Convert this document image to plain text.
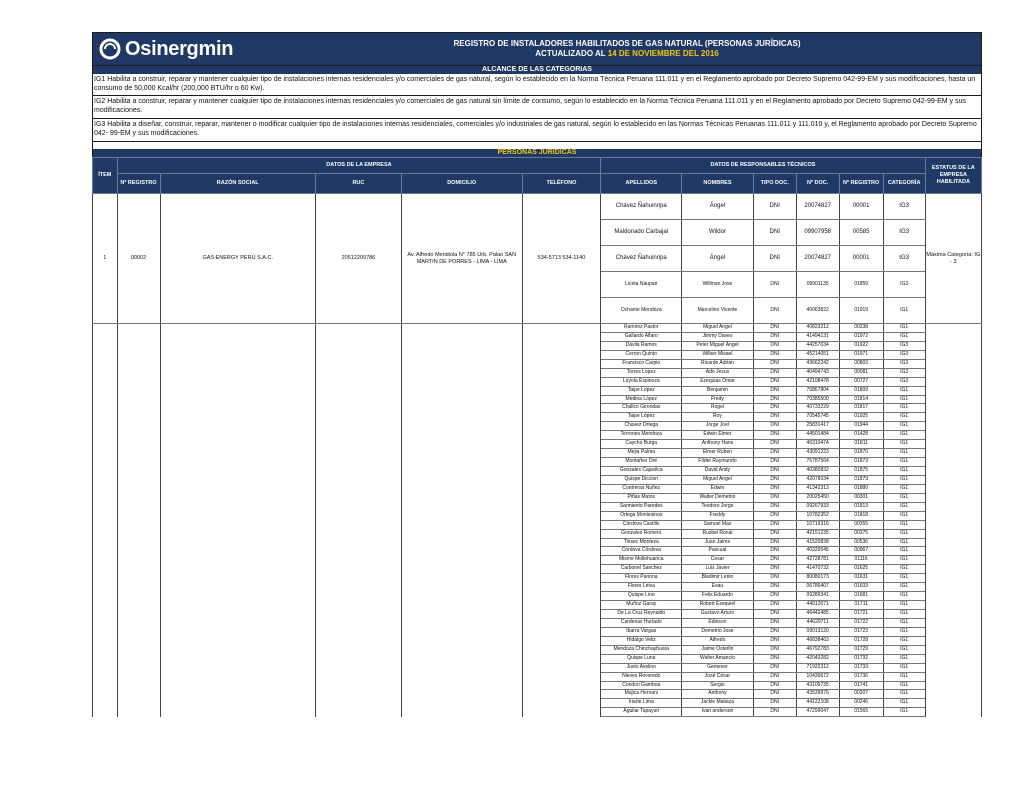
Osinergmin	REGISTRO DE INSTALADORES HABILITADOS DE GAS NATURAL (PERSONAS JURÍDICAS)
ACTUALIZADO AL 14 DE NOVIEMBRE DEL 2016
ALCANCE DE LAS CATEGORÍAS
IG1 Habilita a construir, reparar y mantener cualquier tipo de instalaciones internas residenciales y/o comerciales de gas natural, según lo establecido en la Norma Técnica Peruana 111.011 y en el Reglamento aprobado por Decreto Supremo 042-99-EM y sus modificaciones, hasta un consumo de 50,000 Kcal/hr (200,000 BTU/hr o 60 Kw).
IG2 Habilita a construir, reparar y mantener cualquier tipo de instalaciones internas residenciales y/o comerciales de gas natural sin límite de consumo, según lo establecido en la Norma Técnica Peruana 111.011 y en el Reglamento aprobado por Decreto Supremo 042-99-EM y sus modificaciones.
IG3 Habilita a diseñar, construir, reparar, mantener o modificar cualquier tipo de instalaciones internas residenciales, comerciales y/o industriales de gas natural, según lo establecido en las Normas Técnicas Peruanas 111.011 y 111.010 y, el Reglamento aprobado por Decreto Supremo 042- 99-EM y sus modificaciones.
PERSONAS JURÍDICAS
ÍTEM	DATOS DE LA EMPRESA					DATOS DE RESPONSABLES TÉCNICOS						ESTATUS DE LA EMPRESA HABILITADA
	Nº REGISTRO	RAZÓN SOCIAL	RUC	DOMICILIO	TELÉFONO	APELLIDOS	NOMBRES	TIPO DOC.	Nº DOC.	Nº REGISTRO	CATEGORÍA	
1	00002	GAS ENERGY PERÚ S.A.C.	20512209786	Av. Alfredo Mendiola N° 785 Urb. Palao SAN MARTIN DE PORRES - LIMA - LIMA	534-5713 534-1140	Chávez Ñahuinripa	Ángel	DNI	20074827	00001	IG3	Máxima Categoría: IG - 3
						Maldonado Carbajal	Wildor	DNI	09907958	00585	IG3	
						Chávez Ñahuinripa	Ángel	DNI	20074827	00001	IG3	
						Liceta Naupari	Willman Jose	DNI	09901135	01859	IG3	
						Ochante Mendoza	Marcelino Vicente	DNI	40063822	01919	IG1	
						Ramirez Pastor	Miguel Angel	DNI	40823212	00238	IG1	
						Gallardo Alfaro	Jimmy Daves	DNI	41494131	01972	IG1	
						Dávila Ramos	Peter Miguel Ángel	DNI	44257034	01922	IG3	
						Cerron Quinto	Wilber Misael	DNI	45214051	01971	IG3	
						Francisco Carpio	Ricardo Adrian	DNI	43662242	00803	IG3	
						Torres Lopez	Ado Jesus	DNI	40494743	00081	IG3	
						Loyola Espinoza	Ezequias Omar	DNI	42108478	00727	IG3	
						Taipe Lopez	Benjamin	DNI	70867804	01809	IG1	
						Medina López	Fredy	DNI	70385500	01814	IG1	
						Challco Girondas	Rogel	DNI	40733229	01817	IG1	
						Taipe López	Roy	DNI	70545745	01925	IG1	
						Chavez Ortega	Jorge Joel	DNI	25831417	01944	IG1	
						Terrones Mendoza	Edwin Elmer	DNI	44501484	01428	IG1	
						Caycho Burga	Anthony Hans	DNI	46310474	01811	IG1	
						Mejia Palma	Elmer Ruben	DNI	43091223	01870	IG1	
						Montañez Oré	Fílder Raymundo	DNI	76787564	01873	IG1	
						Gonzales Cajavilca	David Andy	DNI	40380832	01875	IG1	
						Quispe Diccion	Miguel Angel	DNI	42078034	01879	IG1	
						Contreras Nuñez	Edwin	DNI	41342313	01880	IG1	
						Piñas Matos	Walter Demetrio	DNI	20025450	00301	IG1	
						Sarmiento Paredes	Teodoro Jorge	DNI	09267933	01813	IG1	
						Ortega Montesinos	Freddy	DNI	10782352	01818	IG1	
						Córdova Castillo	Samuel Max	DNI	10719316	00355	IG1	
						Gonzales Romero	Rusbel Ronal	DNI	42151235	00375	IG1	
						Tinsec Monteza	Juan Jaime	DNI	41520838	00536	IG1	
						Córdova Córdova	Pascual	DNI	40329545	00967	IG1	
						Misme Mollehuanca	Cesar	DNI	42728781	01116	IG1	
						Carbonel Sanchez	Luis Javier	DNI	41470732	01625	IG1	
						Flores Pariona	Bladimir Lenin	DNI	80080173	01631	IG1	
						Flores Leiva	Esau	DNI	06786407	01633	IG1	
						Quispe Lino	Felix Eduardo	DNI	09289341	01681	IG1	
						Muñoz Garay	Robert Ezequiel	DNI	44012071	01711	IG1	
						De La Cruz Reynaldo	Gustavo Arturo	DNI	46442485	01721	IG1	
						Cardenas Hurtado	Edinson	DNI	44629711	01722	IG1	
						Ibarra Vargas	Demetrio Jose	DNI	09013120	01723	IG1	
						Hidalgo Veliz	Alfredo	DNI	46838463	01728	IG1	
						Mendoza Chinchayhuara	Jaime Osterlin	DNI	46792783	01729	IG1	
						Quispe Luna	Walter Amancio	DNI	42043282	01732	IG1	
						Justo Avelino	Gemever	DNI	71922312	01733	IG1	
						Nieves Revoredo	José César	DNI	10430672	01736	IG1	
						Condori Gamboa	Sergio	DNI	43109735	01741	IG1	
						Mujica Hernani	Anthony	DNI	43539976	00207	IG1	
						Iriarte Lima	Jackie Matiaza	DNI	44122108	00246	IG1	
						Aguilar Tapayuri	Ivan anderson	DNI	47299047	01565	IG1	
